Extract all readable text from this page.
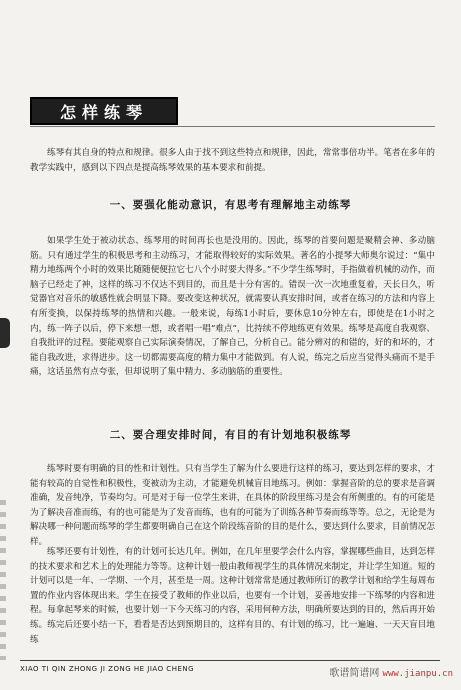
怎样练琴

练琴有其自身的特点和规律。很多人由于找不到这些特点和规律，因此，常常事倍功半。笔者在多年的教学实践中，感到以下四点是提高练琴效果的基本要求和前提。

一、要强化能动意识，有思考有理解地主动练琴

如果学生处于被动状态、练琴用的时间再长也是没用的。因此，练琴的首要问题是聚精会神、多动脑筋。只有通过学生的积极思考和主动练习，才能取得较好的实际效果。著名的小提琴大师奥尔说过：“集中精力地练两个小时的效果比随随便便拉它七八个小时要大得多。”不少学生练琴时，手指做着机械的动作，而脑子已经走了神，这样的练习不仅达不到目的，而且是十分有害的。错误一次一次地重复着，天长日久，听觉器官对音乐的敏感性就会明显下降。要改变这种状况，就需要认真安排时间，或者在练习的方法和内容上有所变换，以保持练琴的热情和兴趣。一般来说，每练1小时后，要休息10分钟左右，即使是在1小时之内，练一阵子以后，停下来想一想，或者唱一唱“难点”，比持续不停地练更有效果。练琴是高度自我观察、自我批评的过程。要能观察自己实际演奏情况，了解自己，分析自己。能分辨对的和错的，好的和坏的，才能自我改进，求得进步。这一切都需要高度的精力集中才能做到。有人说，练完之后应当觉得头痛而不是手痛，这话虽然有点夸张，但却说明了集中精力、多动脑筋的重要性。

二、要合理安排时间，有目的有计划地积极练琴

练琴时要有明确的目的性和计划性。只有当学生了解为什么要进行这样的练习，要达到怎样的要求，才能有较高的自觉性和积极性，变被动为主动，才能避免机械盲目地练习。例如：掌握音阶的总的要求是音调准确，发音纯净，节奏均匀。可是对于每一位学生来讲，在具体的阶段里练习是会有所侧重的。有的可能是为了解决音准而练，有的也可能是为了发音而练，也有的可能为了训练各种节奏而练等等。总之，无论是为解决哪一种问题而练琴的学生都要明确自己在这个阶段练音阶的目的是什么，要达到什么要求，目前情况怎样。

练琴还要有计划性，有的计划可长达几年。例如，在几年里要学会什么内容，掌握哪些曲目，达到怎样的技术要求和艺术上的处理能力等等。这种计划一般由教师视学生的具体情况来制定，并让学生知道。短的计划可以是一年、一学期、一个月，甚至是一周。这种计划常常是通过教师所订的教学计划和给学生每周布置的作业内容体现出来。学生在接受了教师的作业以后，也要有一个计划，妥善地安排一下练琴的内容和进程。每拿起琴来的时候，也要计划一下今天练习的内容，采用何种方法，明确所要达到的目的，然后再开始练。练完后还要小结一下，看看是否达到预期目的，这样有目的、有计划的练习，比一遍遍、一天天盲目地练

XIAO TI QIN ZHONG JI ZONG HE JIAO CHENG	歌谱简谱网 www.jianpu.cn
